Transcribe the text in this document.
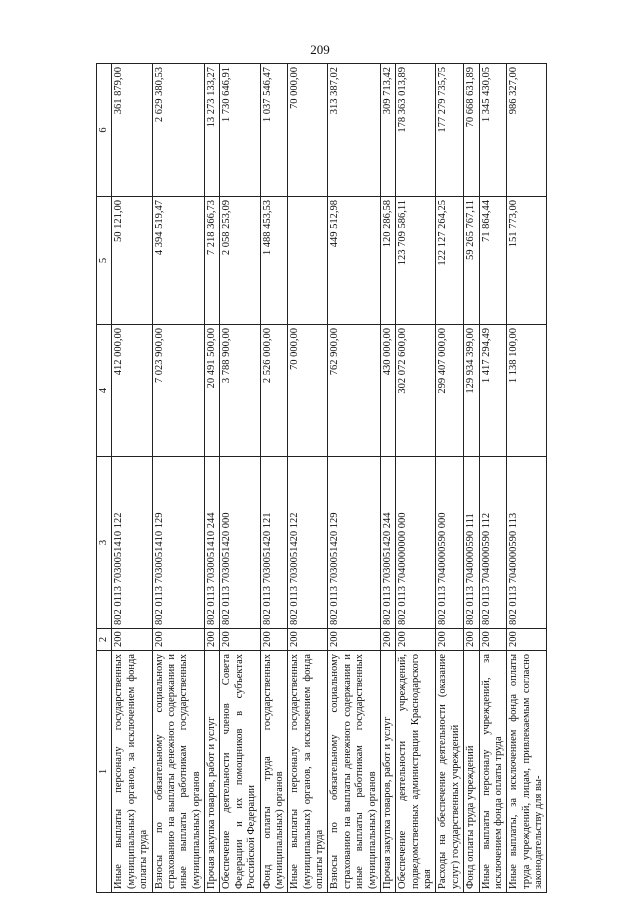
209
1	2	3	4	5	6
Иные выплаты персоналу государственных (муниципальных) органов, за исключением фонда оплаты труда	200	802 0113 7030051410 122	412 000,00	50 121,00	361 879,00
Взносы по обязательному социальному страхованию на выплаты денежного содержания и иные выплаты работникам государственных (муниципальных) органов	200	802 0113 7030051410 129	7 023 900,00	4 394 519,47	2 629 380,53
Прочая закупка товаров, работ и услуг	200	802 0113 7030051410 244	20 491 500,00	7 218 366,73	13 273 133,27
Обеспечение деятельности членов Совета Федерации и их помощников в субъектах Российской Федерации	200	802 0113 7030051420 000	3 788 900,00	2 058 253,09	1 730 646,91
Фонд оплаты труда государственных (муниципальных) органов	200	802 0113 7030051420 121	2 526 000,00	1 488 453,53	1 037 546,47
Иные выплаты персоналу государственных (муниципальных) органов, за исключением фонда оплаты труда	200	802 0113 7030051420 122	70 000,00		70 000,00
Взносы по обязательному социальному страхованию на выплаты денежного содержания и иные выплаты работникам государственных (муниципальных) органов	200	802 0113 7030051420 129	762 900,00	449 512,98	313 387,02
Прочая закупка товаров, работ и услуг	200	802 0113 7030051420 244	430 000,00	120 286,58	309 713,42
Обеспечение деятельности учреждений, подведомственных администрации Краснодарского края	200	802 0113 7040000000 000	302 072 600,00	123 709 586,11	178 363 013,89
Расходы на обеспечение деятельности (оказание услуг) государственных учреждений	200	802 0113 7040000590 000	299 407 000,00	122 127 264,25	177 279 735,75
Фонд оплаты труда учреждений	200	802 0113 7040000590 111	129 934 399,00	59 265 767,11	70 668 631,89
Иные выплаты персоналу учреждений, за исключением фонда оплаты труда	200	802 0113 7040000590 112	1 417 294,49	71 864,44	1 345 430,05
Иные выплаты, за исключением фонда оплаты труда учреждений, лицам, привлекаемым согласно законодательству для вы-	200	802 0113 7040000590 113	1 138 100,00	151 773,00	986 327,00
